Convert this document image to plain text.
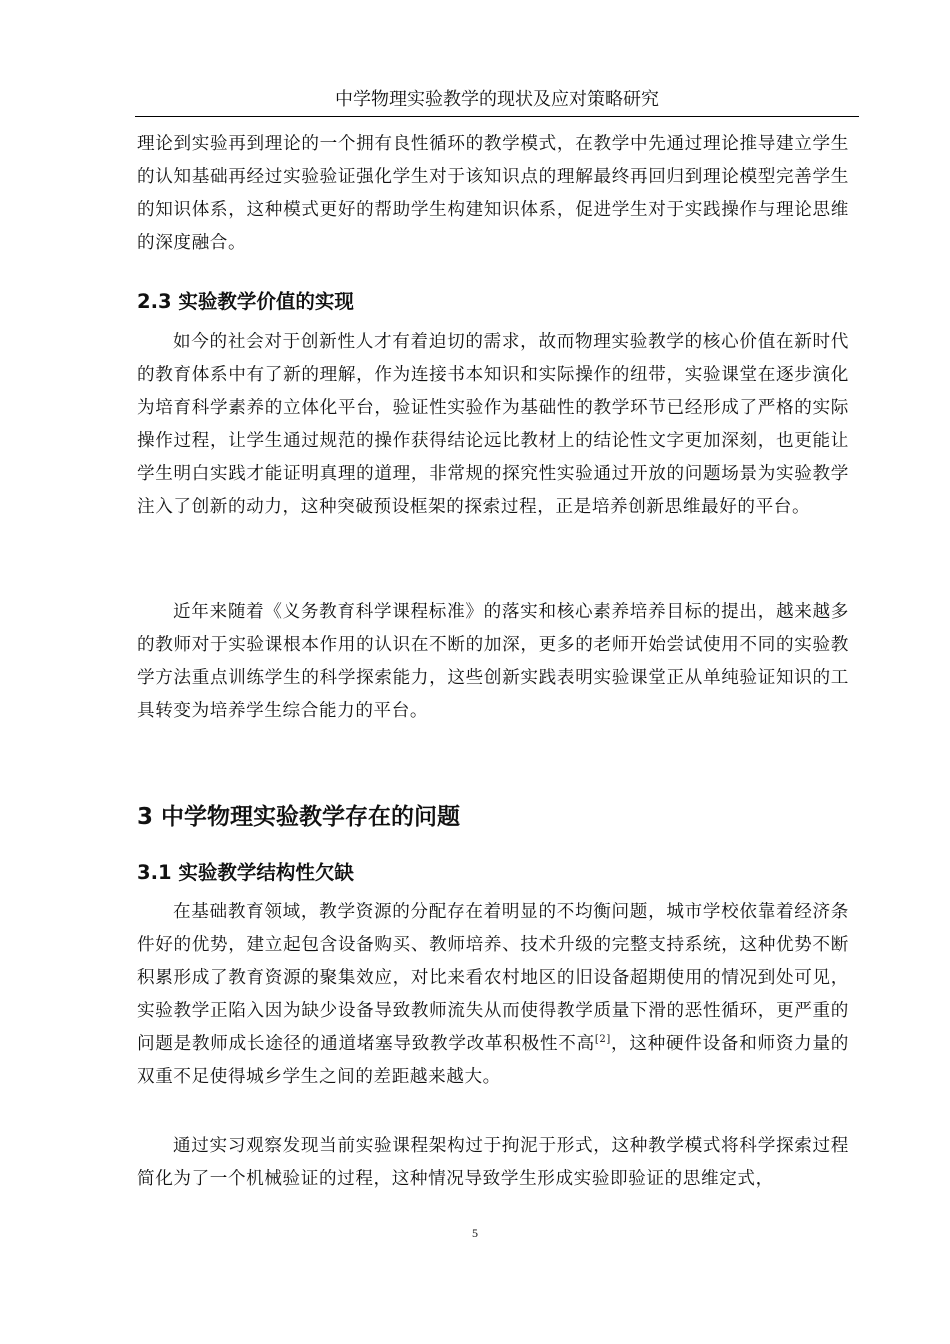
中学物理实验教学的现状及应对策略研究

理论到实验再到理论的一个拥有良性循环的教学模式，在教学中先通过理论推导建立学生的认知基础再经过实验验证强化学生对于该知识点的理解最终再回归到理论模型完善学生的知识体系，这种模式更好的帮助学生构建知识体系，促进学生对于实践操作与理论思维的深度融合。

2.3 实验教学价值的实现

如今的社会对于创新性人才有着迫切的需求，故而物理实验教学的核心价值在新时代的教育体系中有了新的理解，作为连接书本知识和实际操作的纽带，实验课堂在逐步演化为培育科学素养的立体化平台，验证性实验作为基础性的教学环节已经形成了严格的实际操作过程，让学生通过规范的操作获得结论远比教材上的结论性文字更加深刻，也更能让学生明白实践才能证明真理的道理，非常规的探究性实验通过开放的问题场景为实验教学注入了创新的动力，这种突破预设框架的探索过程，正是培养创新思维最好的平台。

近年来随着《义务教育科学课程标准》的落实和核心素养培养目标的提出，越来越多的教师对于实验课根本作用的认识在不断的加深，更多的老师开始尝试使用不同的实验教学方法重点训练学生的科学探索能力，这些创新实践表明实验课堂正从单纯验证知识的工具转变为培养学生综合能力的平台。

3 中学物理实验教学存在的问题
3.1 实验教学结构性欠缺

在基础教育领域，教学资源的分配存在着明显的不均衡问题，城市学校依靠着经济条件好的优势，建立起包含设备购买、教师培养、技术升级的完整支持系统，这种优势不断积累形成了教育资源的聚集效应，对比来看农村地区的旧设备超期使用的情况到处可见，实验教学正陷入因为缺少设备导致教师流失从而使得教学质量下滑的恶性循环，更严重的问题是教师成长途径的通道堵塞导致教学改革积极性不高[2]，这种硬件设备和师资力量的双重不足使得城乡学生之间的差距越来越大。

通过实习观察发现当前实验课程架构过于拘泥于形式，这种教学模式将科学探索过程简化为了一个机械验证的过程，这种情况导致学生形成实验即验证的思维定式，

5
